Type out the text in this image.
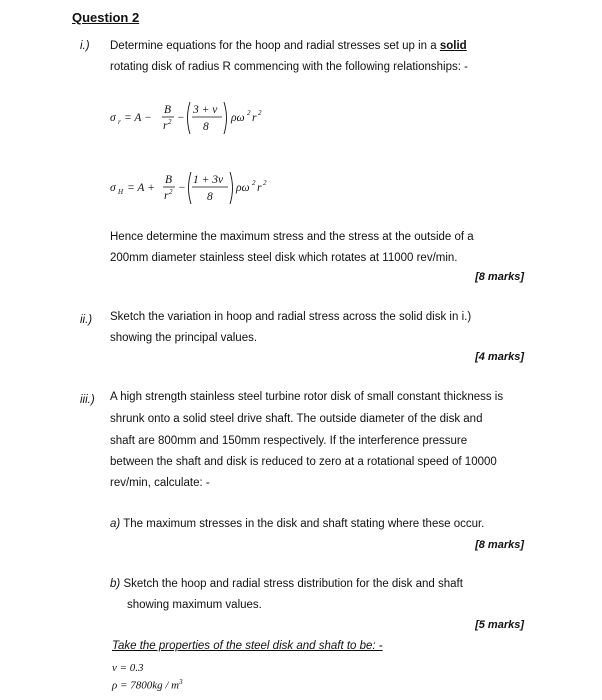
Question 2
i.) Determine equations for the hoop and radial stresses set up in a solid
rotating disk of radius R commencing with the following relationships: -
σ r = A −
B
r 2 −
3 + ν
8
ρω 2 r 2
σ H = A +
B
r 2 −
1 + 3ν
8
ρω 2 r 2
Hence determine the maximum stress and the stress at the outside of a
200mm diameter stainless steel disk which rotates at 11000 rev/min.
[8 marks]
ii.) Sketch the variation in hoop and radial stress across the solid disk in i.)
showing the principal values.
[4 marks]
iii.) A high strength stainless steel turbine rotor disk of small constant thickness is
shrunk onto a solid steel drive shaft. The outside diameter of the disk and
shaft are 800mm and 150mm respectively. If the interference pressure
between the shaft and disk is reduced to zero at a rotational speed of 10000
rev/min, calculate: -
a) The maximum stresses in the disk and shaft stating where these occur.
[8 marks]
b) Sketch the hoop and radial stress distribution for the disk and shaft
showing maximum values.
[5 marks]
Take the properties of the steel disk and shaft to be: -
ν = 0.3
$\rho = 7800kg / m^3$
